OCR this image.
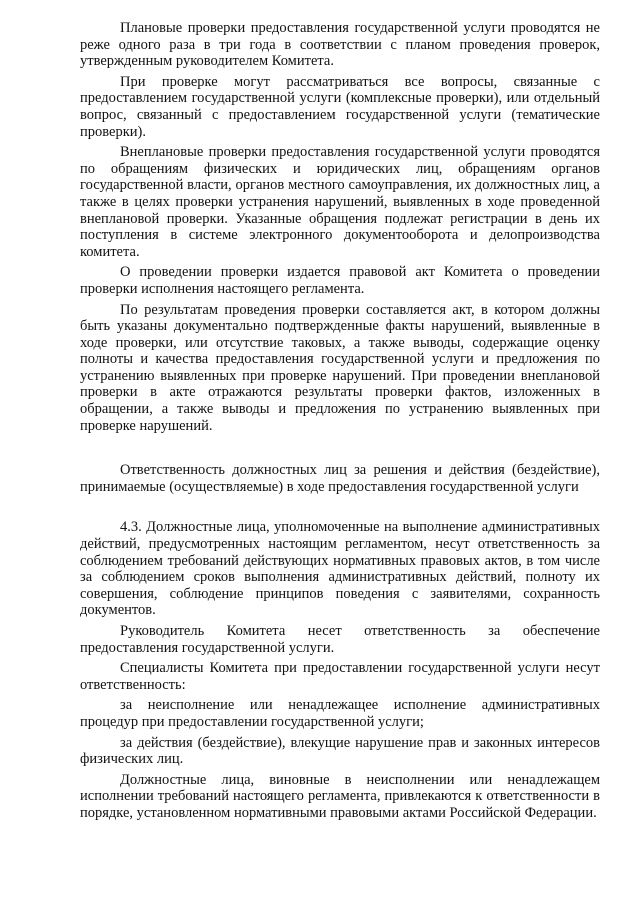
Плановые проверки предоставления государственной услуги проводятся не реже одного раза в три года в соответствии с планом проведения проверок, утвержденным руководителем Комитета.

При проверке могут рассматриваться все вопросы, связанные с предоставлением государственной услуги (комплексные проверки), или отдельный вопрос, связанный с предоставлением государственной услуги (тематические проверки).

Внеплановые проверки предоставления государственной услуги проводятся по обращениям физических и юридических лиц, обращениям органов государственной власти, органов местного самоуправления, их должностных лиц, а также в целях проверки устранения нарушений, выявленных в ходе проведенной внеплановой проверки. Указанные обращения подлежат регистрации в день их поступления в системе электронного документооборота и делопроизводства комитета.

О проведении проверки издается правовой акт Комитета о проведении проверки исполнения настоящего регламента.

По результатам проведения проверки составляется акт, в котором должны быть указаны документально подтвержденные факты нарушений, выявленные в ходе проверки, или отсутствие таковых, а также выводы, содержащие оценку полноты и качества предоставления государственной услуги и предложения по устранению выявленных при проверке нарушений. При проведении внеплановой проверки в акте отражаются результаты проверки фактов, изложенных в обращении, а также выводы и предложения по устранению выявленных при проверке нарушений.

Ответственность должностных лиц за решения и действия (бездействие), принимаемые (осуществляемые) в ходе предоставления государственной услуги

4.3. Должностные лица, уполномоченные на выполнение административных действий, предусмотренных настоящим регламентом, несут ответственность за соблюдением требований действующих нормативных правовых актов, в том числе за соблюдением сроков выполнения административных действий, полноту их совершения, соблюдение принципов поведения с заявителями, сохранность документов.

Руководитель Комитета несет ответственность за обеспечение предоставления государственной услуги.

Специалисты Комитета при предоставлении государственной услуги несут ответственность:

за неисполнение или ненадлежащее исполнение административных процедур при предоставлении государственной услуги;

за действия (бездействие), влекущие нарушение прав и законных интересов физических лиц.

Должностные лица, виновные в неисполнении или ненадлежащем исполнении требований настоящего регламента, привлекаются к ответственности в порядке, установленном нормативными правовыми актами Российской Федерации.
